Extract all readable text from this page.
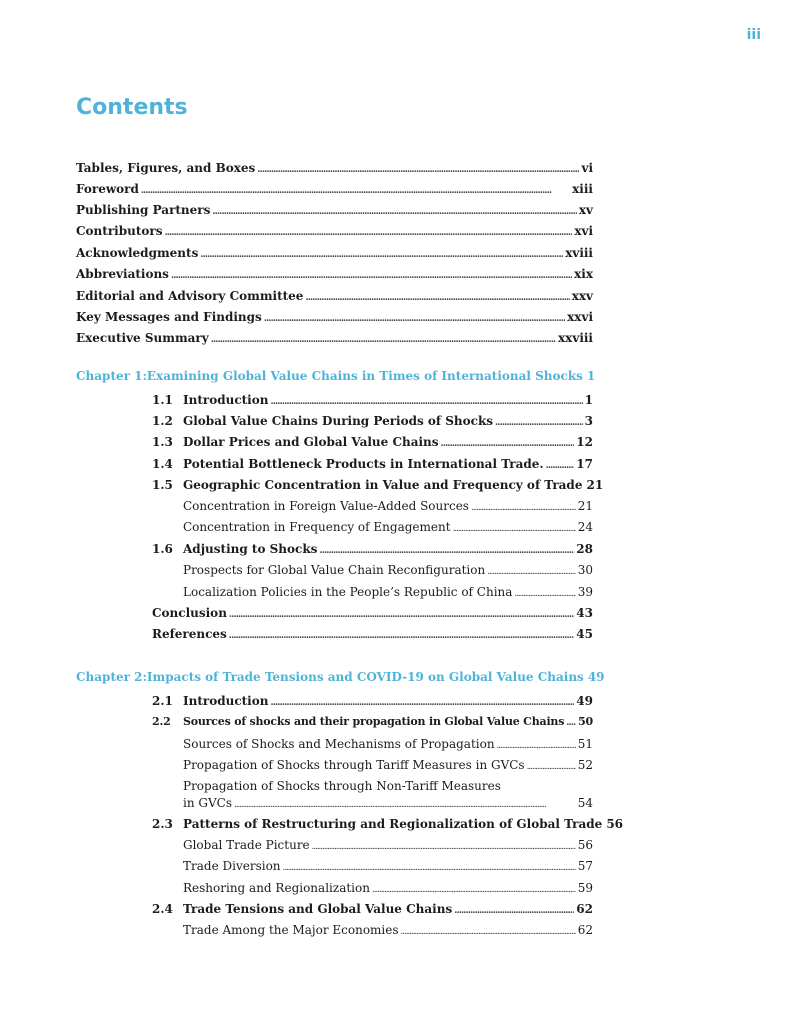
iii
Contents
Tables, Figures, and Boxes . . .	vi
Foreword . . .	xiii
Publishing Partners . . .	xv
Contributors . . .	xvi
Acknowledgments . . .	xviii
Abbreviations . . .	xix
Editorial and Advisory Committee . . .	xxv
Key Messages and Findings . . .	xxvi
Executive Summary . . .	xxviii
Chapter 1: Examining Global Value Chains in Times of International Shocks 1
1.1 Introduction . . .	1
1.2 Global Value Chains During Periods of Shocks . . .	3
1.3 Dollar Prices and Global Value Chains . . .	12
1.4 Potential Bottleneck Products in International Trade. . . .	17
1.5 Geographic Concentration in Value and Frequency of Trade 21
Concentration in Foreign Value-Added Sources . . .	21
Concentration in Frequency of Engagement . . .	24
1.6 Adjusting to Shocks . . .	28
Prospects for Global Value Chain Reconfiguration . . .	30
Localization Policies in the People’s Republic of China . . .	39
Conclusion . . .	43
References . . .	45
Chapter 2: Impacts of Trade Tensions and COVID-19 on Global Value Chains 49
2.1 Introduction . . .	49
2.2	Sources of shocks and their propagation in Global Value Chains . . . 50
Sources of Shocks and Mechanisms of Propagation . . .	51
Propagation of Shocks through Tariff Measures in GVCs . . .	52
Propagation of Shocks through Non-Tariff Measures
in GVCs . . .	54
2.3 Patterns of Restructuring and Regionalization of Global Trade 56
Global Trade Picture . . .	56
Trade Diversion . . .	57
Reshoring and Regionalization . . .	59
2.4 Trade Tensions and Global Value Chains . . .	62
Trade Among the Major Economies . . .	62
